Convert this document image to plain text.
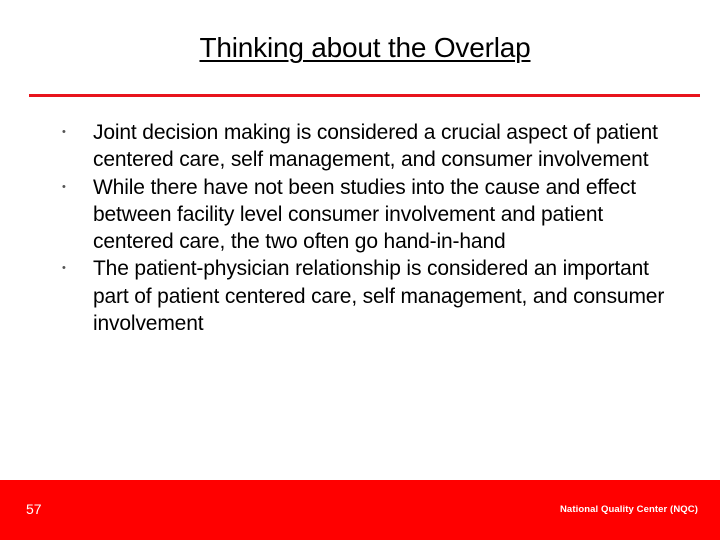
Thinking about the Overlap
• Joint decision making is considered a crucial aspect of patient centered care, self management, and consumer involvement
• While there have not been studies into the cause and effect between facility level consumer involvement and patient centered care, the two often go hand-in-hand
• The patient-physician relationship is considered an important part of patient centered care, self management, and consumer involvement
57	National Quality Center (NQC)
